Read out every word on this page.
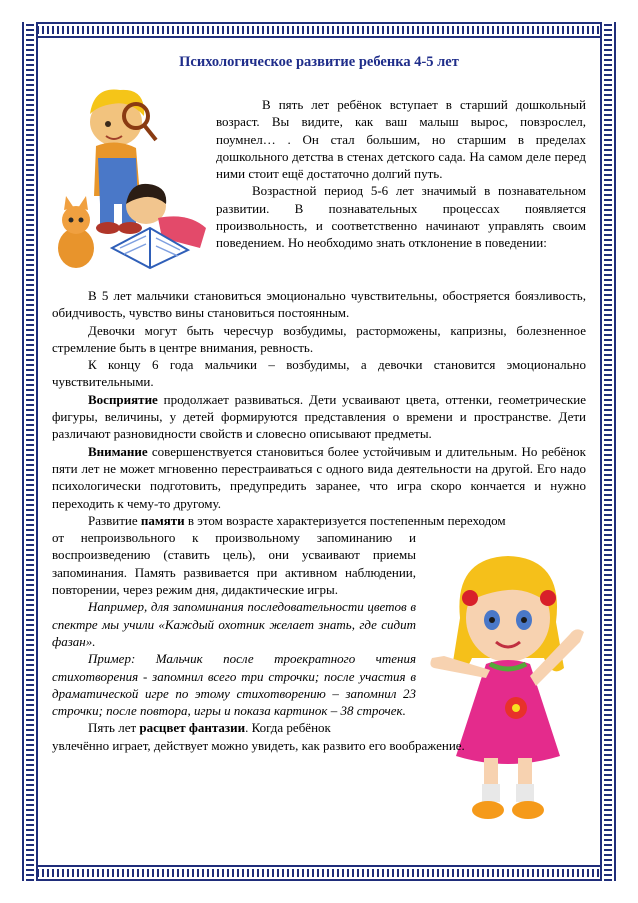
Психологическое развитие ребенка 4-5 лет

В пять лет ребёнок вступает в старший дошкольный возраст. Вы видите, как ваш малыш вырос, повзрослел, поумнел… . Он стал большим, но старшим в пределах дошкольного детства в стенах детского сада. На самом деле перед ними стоит ещё достаточно долгий путь.

Возрастной период 5-6 лет значимый в познавательном развитии. В познавательных процессах появляется произвольность, и соответственно начинают управлять своим поведением. Но необходимо знать отклонение в поведении:

В 5 лет мальчики становиться эмоционально чувствительны, обостряется боязливость, обидчивость, чувство вины становиться постоянным.

Девочки могут быть чересчур возбудимы, расторможены, капризны, болезненное стремление быть в центре внимания, ревность.

К концу 6 года мальчики – возбудимы, а девочки становится эмоционально чувствительными.

Восприятие продолжает развиваться. Дети усваивают цвета, оттенки, геометрические фигуры, величины, у детей формируются представления о времени и пространстве. Дети различают разновидности свойств и словесно описывают предметы.

Внимание совершенствуется становиться более устойчивым и длительным. Но ребёнок пяти лет не может мгновенно перестраиваться с одного вида деятельности на другой. Его надо психологически подготовить, предупредить заранее, что игра скоро кончается и нужно переходить к чему-то другому.

Развитие памяти в этом возрасте характеризуется постепенным переходом

от непроизвольного к произвольному запоминанию и воспроизведению (ставить цель), они усваивают приемы запоминания. Память развивается при активном наблюдении, повторении, через режим дня, дидактические игры.

Например, для запоминания последовательности цветов в спектре мы учили «Каждый охотник желает знать, где сидит фазан».

Пример: Мальчик после троекратного чтения стихотворения - запомнил всего три строчки; после участия в драматической игре по этому стихотворению – запомнил 23 строчки; после повтора, игры и показа картинок – 38 строчек.

Пять лет расцвет фантазии. Когда ребёнок

увлечённо играет, действует можно увидеть, как развито его воображение.
